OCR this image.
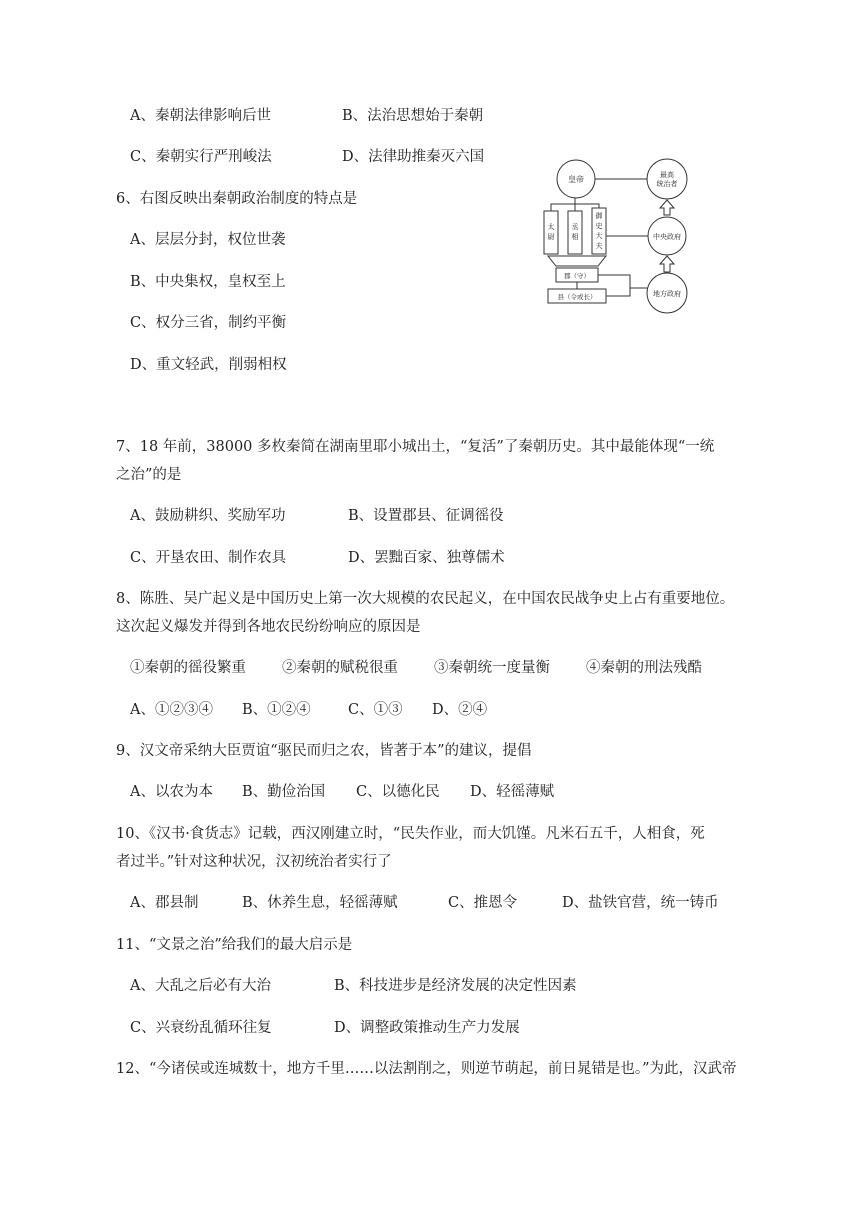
A、秦朝法律影响后世	B、法治思想始于秦朝
C、秦朝实行严刑峻法	D、法律助推秦灭六国
6、右图反映出秦朝政治制度的特点是
A、层层分封，权位世袭
B、中央集权，皇权至上
C、权分三省，制约平衡
D、重文轻武，削弱相权
皇帝	最高
统治者
中央政府
地方政府
太
尉
丞
相
御
史
大
夫
郡（守）
县（令或长）
7、18 年前，38000 多枚秦简在湖南里耶小城出土，“复活”了秦朝历史。其中最能体现“一统
之治”的是
A、鼓励耕织、奖励军功	B、设置郡县、征调徭役
C、开垦农田、制作农具	D、罢黜百家、独尊儒术
8、陈胜、吴广起义是中国历史上第一次大规模的农民起义，在中国农民战争史上占有重要地位。
这次起义爆发并得到各地农民纷纷响应的原因是
①秦朝的徭役繁重 ②秦朝的赋税很重 ③秦朝统一度量衡 ④秦朝的刑法残酷
A、①②③④ B、①②④	C、①③ D、②④
9、汉文帝采纳大臣贾谊“驱民而归之农，皆著于本”的建议，提倡
A、以农为本 B、勤俭治国 C、以德化民 D、轻徭薄赋
10、《汉书·食货志》记载，西汉刚建立时，“民失作业，而大饥馑。凡米石五千，人相食，死
者过半。”针对这种状况，汉初统治者实行了
A、郡县制	B、休养生息，轻徭薄赋	C、推恩令	D、盐铁官营，统一铸币
11、“文景之治”给我们的最大启示是
A、大乱之后必有大治	B、科技进步是经济发展的决定性因素
C、兴衰纷乱循环往复	D、调整政策推动生产力发展
12、“今诸侯或连城数十，地方千里……以法割削之，则逆节萌起，前日晁错是也。”为此，汉武帝
